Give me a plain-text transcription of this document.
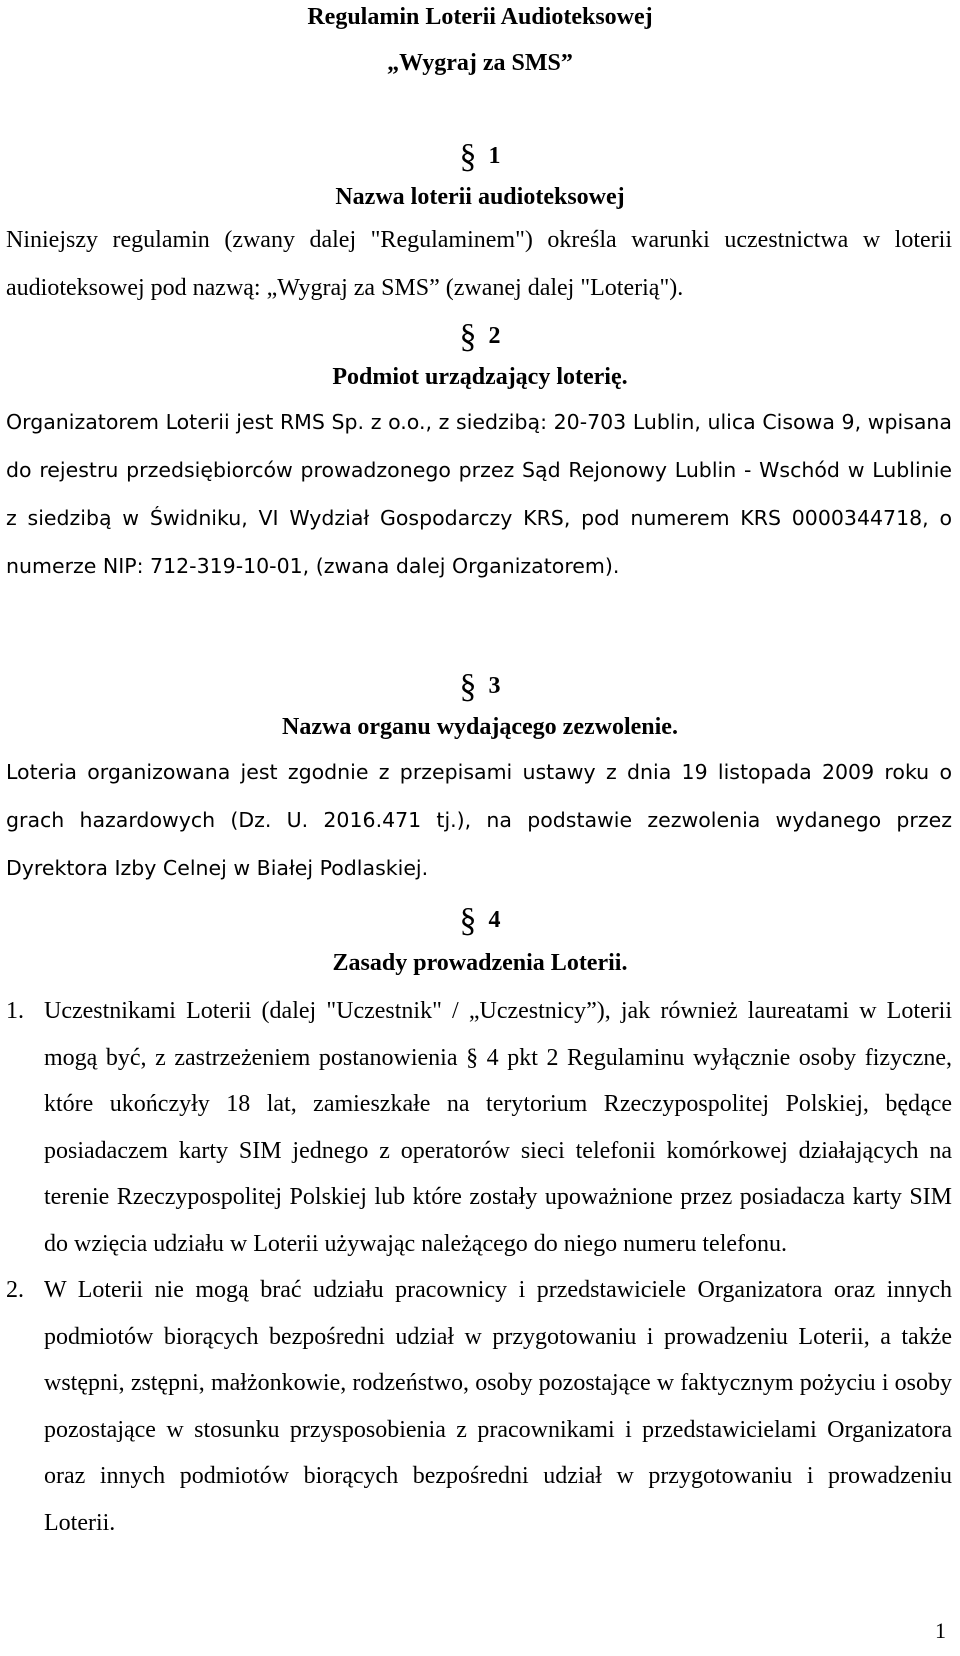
Regulamin Loterii Audioteksowej
„Wygraj za SMS”
§ 1
Nazwa loterii audioteksowej
Niniejszy regulamin (zwany dalej "Regulaminem") określa warunki uczestnictwa w loterii audioteksowej pod nazwą: „Wygraj za SMS” (zwanej dalej "Loterią").
§ 2
Podmiot urządzający loterię.
Organizatorem Loterii jest RMS Sp. z o.o., z siedzibą: 20-703 Lublin, ulica Cisowa 9, wpisana do rejestru przedsiębiorców prowadzonego przez Sąd Rejonowy Lublin - Wschód w Lublinie z siedzibą w Świdniku, VI Wydział Gospodarczy KRS, pod numerem KRS 0000344718, o numerze NIP: 712-319-10-01, (zwana dalej Organizatorem).
§ 3
Nazwa organu wydającego zezwolenie.
Loteria organizowana jest zgodnie z przepisami ustawy z dnia 19 listopada 2009 roku o grach hazardowych (Dz. U. 2016.471 tj.), na podstawie zezwolenia wydanego przez Dyrektora Izby Celnej w Białej Podlaskiej.
§ 4
Zasady prowadzenia Loterii.
1. Uczestnikami Loterii (dalej "Uczestnik" / „Uczestnicy”), jak również laureatami w Loterii mogą być, z zastrzeżeniem postanowienia § 4 pkt 2 Regulaminu wyłącznie osoby fizyczne, które ukończyły 18 lat, zamieszkałe na terytorium Rzeczypospolitej Polskiej, będące posiadaczem karty SIM jednego z operatorów sieci telefonii komórkowej działających na terenie Rzeczypospolitej Polskiej lub które zostały upoważnione przez posiadacza karty SIM do wzięcia udziału w Loterii używając należącego do niego numeru telefonu.
2. W Loterii nie mogą brać udziału pracownicy i przedstawiciele Organizatora oraz innych podmiotów biorących bezpośredni udział w przygotowaniu i prowadzeniu Loterii, a także wstępni, zstępni, małżonkowie, rodzeństwo, osoby pozostające w faktycznym pożyciu i osoby pozostające w stosunku przysposobienia z pracownikami i przedstawicielami Organizatora oraz innych podmiotów biorących bezpośredni udział w przygotowaniu i prowadzeniu Loterii.
1
